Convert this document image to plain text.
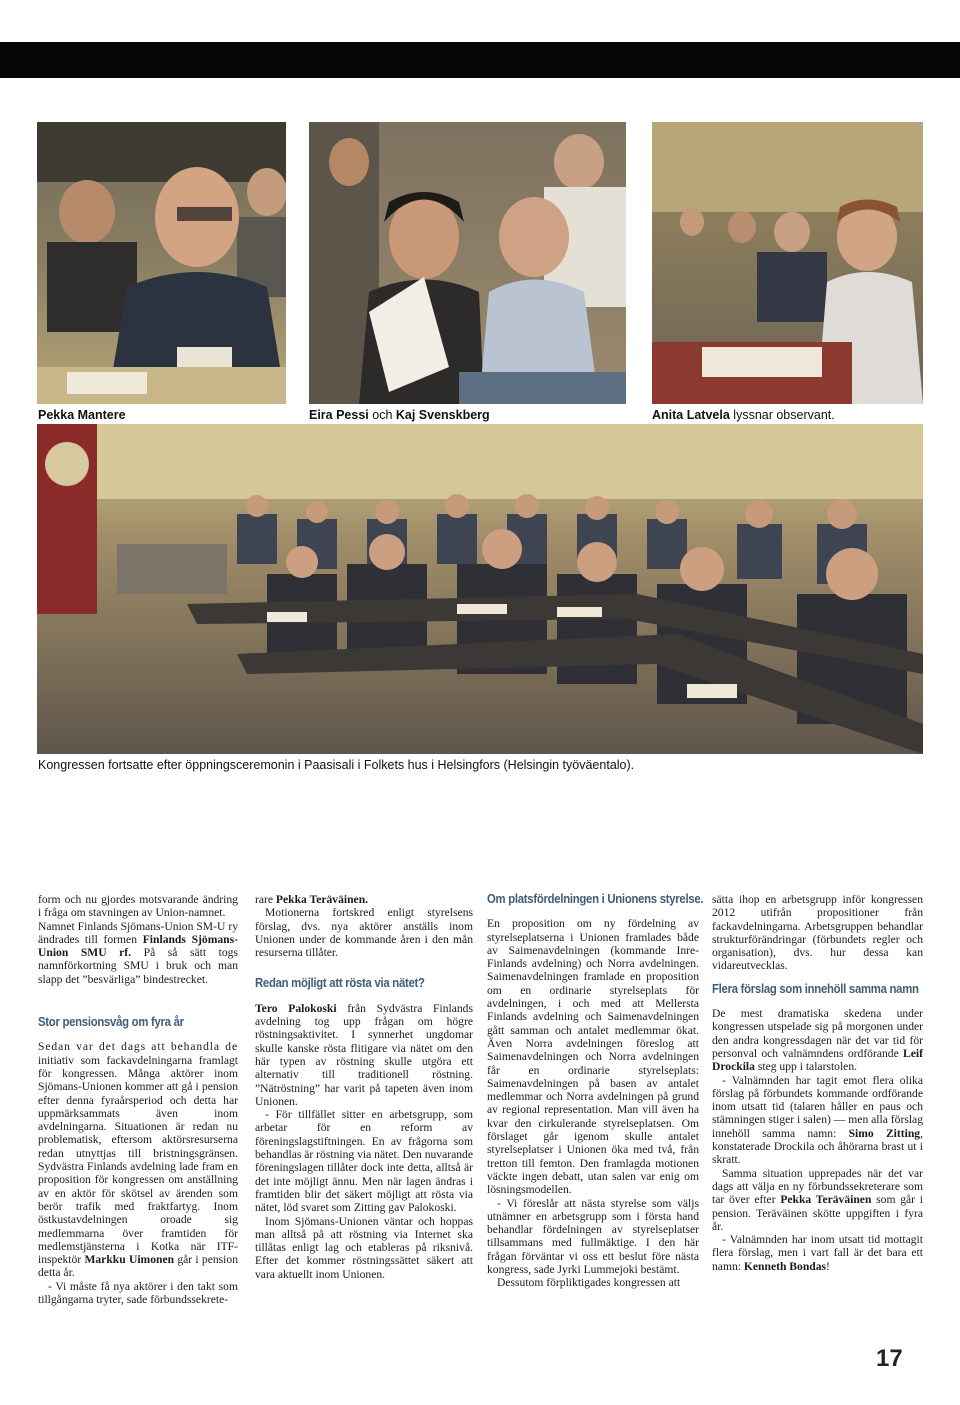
Pekka Mantere	Eira Pessi och Kaj Svenskberg	Anita Latvela lyssnar observant.
Kongressen fortsatte efter öppningsceremonin i Paasisali i Folkets hus i Helsingfors (Helsingin työväentalo).

form och nu gjordes motsvarande ändring i fråga om stavningen av Union-namnet.

Namnet Finlands Sjömans-Union SM-U ry ändrades till formen Finlands Sjömans-Union SMU rf. På så sätt togs namnförkortning SMU i bruk och man slapp det ”besvärliga” bindestrecket.

Stor pensionsvåg om fyra år

Sedan var det dags att behandla de initiativ som fackavdelningarna framlagt för kongressen. Många aktörer inom Sjömans-Unionen kommer att gå i pension efter denna fyraårsperiod och detta har uppmärksammats även inom avdelningarna. Situationen är redan nu problematisk, eftersom aktörsresurserna redan utnyttjas till bristningsgränsen. Sydvästra Finlands avdelning lade fram en proposition för kongressen om anställning av en aktör för skötsel av ärenden som berör trafik med fraktfartyg. Inom östkustavdelningen oroade sig medlemmarna över framtiden för medlemstjänsterna i Kotka när ITF-inspektör Markku Uimonen går i pension detta år.

- Vi måste få nya aktörer i den takt som tillgångarna tryter, sade förbundssekrete-

rare Pekka Teräväinen.

Motionerna fortskred enligt styrelsens förslag, dvs. nya aktörer anställs inom Unionen under de kommande åren i den mån resurserna tillåter.

Redan möjligt att rösta via nätet?

Tero Palokoski från Sydvästra Finlands avdelning tog upp frågan om högre röstningsaktivitet. I synnerhet ungdomar skulle kanske rösta flitigare via nätet om den här typen av röstning skulle utgöra ett alternativ till traditionell röstning. ”Nätröstning” har varit på tapeten även inom Unionen.

- För tillfället sitter en arbetsgrupp, som arbetar för en reform av föreningslagstiftningen. En av frågorna som behandlas är röstning via nätet. Den nuvarande föreningslagen tillåter dock inte detta, alltså är det inte möjligt ännu. Men när lagen ändras i framtiden blir det säkert möjligt att rösta via nätet, löd svaret som Zitting gav Palokoski.

Inom Sjömans-Unionen väntar och hoppas man alltså på att röstning via Internet ska tillåtas enligt lag och etableras på riksnivå. Efter det kommer röstningssättet säkert att vara aktuellt inom Unionen.

Om platsfördelningen i Unionens styrelse.

En proposition om ny fördelning av styrelseplatserna i Unionen framlades både av Saimenavdelningen (kommande Inre-Finlands avdelning) och Norra avdelningen. Saimenavdelningen framlade en proposition om en ordinarie styrelseplats för avdelningen, i och med att Mellersta Finlands avdelning och Saimenavdelningen gått samman och antalet medlemmar ökat. Även Norra avdelningen föreslog att Saimenavdelningen och Norra avdelningen får en ordinarie styrelseplats: Saimenavdelningen på basen av antalet medlemmar och Norra avdelningen på grund av regional representation. Man vill även ha kvar den cirkulerande styrelseplatsen. Om förslaget går igenom skulle antalet styrelseplatser i Unionen öka med två, från tretton till femton. Den framlagda motionen väckte ingen debatt, utan salen var enig om lösningsmodellen.

- Vi föreslår att nästa styrelse som väljs utnämner en arbetsgrupp som i första hand behandlar fördelningen av styrelseplatser tillsammans med fullmäktige. I den här frågan förväntar vi oss ett beslut före nästa kongress, sade Jyrki Lummejoki bestämt.

Dessutom förpliktigades kongressen att

sätta ihop en arbetsgrupp inför kongressen 2012 utifrån propositioner från fackavdelningarna. Arbetsgruppen behandlar strukturförändringar (förbundets regler och organisation), dvs. hur dessa kan vidareutvecklas.

Flera förslag som innehöll samma namn

De mest dramatiska skedena under kongressen utspelade sig på morgonen under den andra kongressdagen när det var tid för personval och valnämndens ordförande Leif Drockila steg upp i talarstolen.

- Valnämnden har tagit emot flera olika förslag på förbundets kommande ordförande inom utsatt tid (talaren håller en paus och stämningen stiger i salen) — men alla förslag innehöll samma namn: Simo Zitting, konstaterade Drockila och åhörarna brast ut i skratt.

Samma situation upprepades när det var dags att välja en ny förbundssekreterare som tar över efter Pekka Teräväinen som går i pension. Teräväinen skötte uppgiften i fyra år.

- Valnämnden har inom utsatt tid mottagit flera förslag, men i vart fall är det bara ett namn: Kenneth Bondas!

17
